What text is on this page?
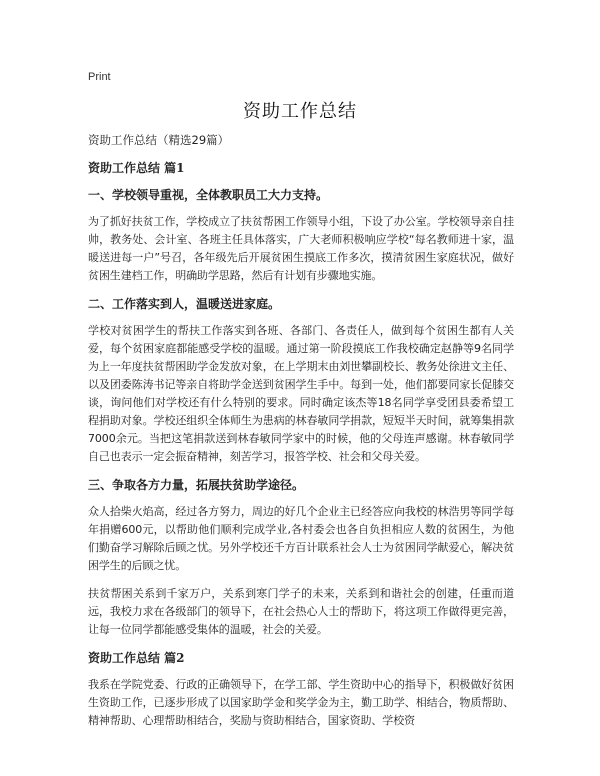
Print
资助工作总结

资助工作总结（精选29篇）

资助工作总结 篇1

一、学校领导重视，全体教职员工大力支持。

为了抓好扶贫工作，学校成立了扶贫帮困工作领导小组，下设了办公室。学校领导亲自挂帅，教务处、会计室、各班主任具体落实，广大老师积极响应学校“每名教师进十家，温暖送进每一户”号召，各年级先后开展贫困生摸底工作多次，摸清贫困生家庭状况，做好贫困生建档工作，明确助学思路，然后有计划有步骤地实施。

二、工作落实到人，温暖送进家庭。

学校对贫困学生的帮扶工作落实到各班、各部门、各责任人，做到每个贫困生都有人关爱，每个贫困家庭都能感受学校的温暖。通过第一阶段摸底工作我校确定赵静等9名同学为上一年度扶贫帮困助学金发放对象，在上学期末由刘世攀副校长、教务处徐进文主任、以及团委陈涛书记等亲自将助学金送到贫困学生手中。每到一处，他们都要同家长促膝交谈，询问他们对学校还有什么特别的要求。同时确定该杰等18名同学享受团县委希望工程捐助对象。学校还组织全体师生为患病的林春敏同学捐款，短短半天时间，就筹集捐款7000余元。当把这笔捐款送到林春敏同学家中的时候，他的父母连声感谢。林春敏同学自己也表示一定会振奋精神，刻苦学习，报答学校、社会和父母关爱。

三、争取各方力量，拓展扶贫助学途径。

众人拾柴火焰高，经过各方努力，周边的好几个企业主已经答应向我校的林浩男等同学每年捐赠600元，以帮助他们顺利完成学业,各村委会也各自负担相应人数的贫困生，为他们勤奋学习解除后顾之忧。另外学校还千方百计联系社会人士为贫困同学献爱心，解决贫困学生的后顾之忧。

扶贫帮困关系到千家万户，关系到寒门学子的未来，关系到和谐社会的创建，任重而道远，我校力求在各级部门的领导下，在社会热心人士的帮助下，将这项工作做得更完善，让每一位同学都能感受集体的温暖，社会的关爱。

资助工作总结 篇2

我系在学院党委、行政的正确领导下，在学工部、学生资助中心的指导下，积极做好贫困生资助工作，已逐步形成了以国家助学金和奖学金为主，勤工助学、相结合，物质帮助、精神帮助、心理帮助相结合，奖励与资助相结合，国家资助、学校资
